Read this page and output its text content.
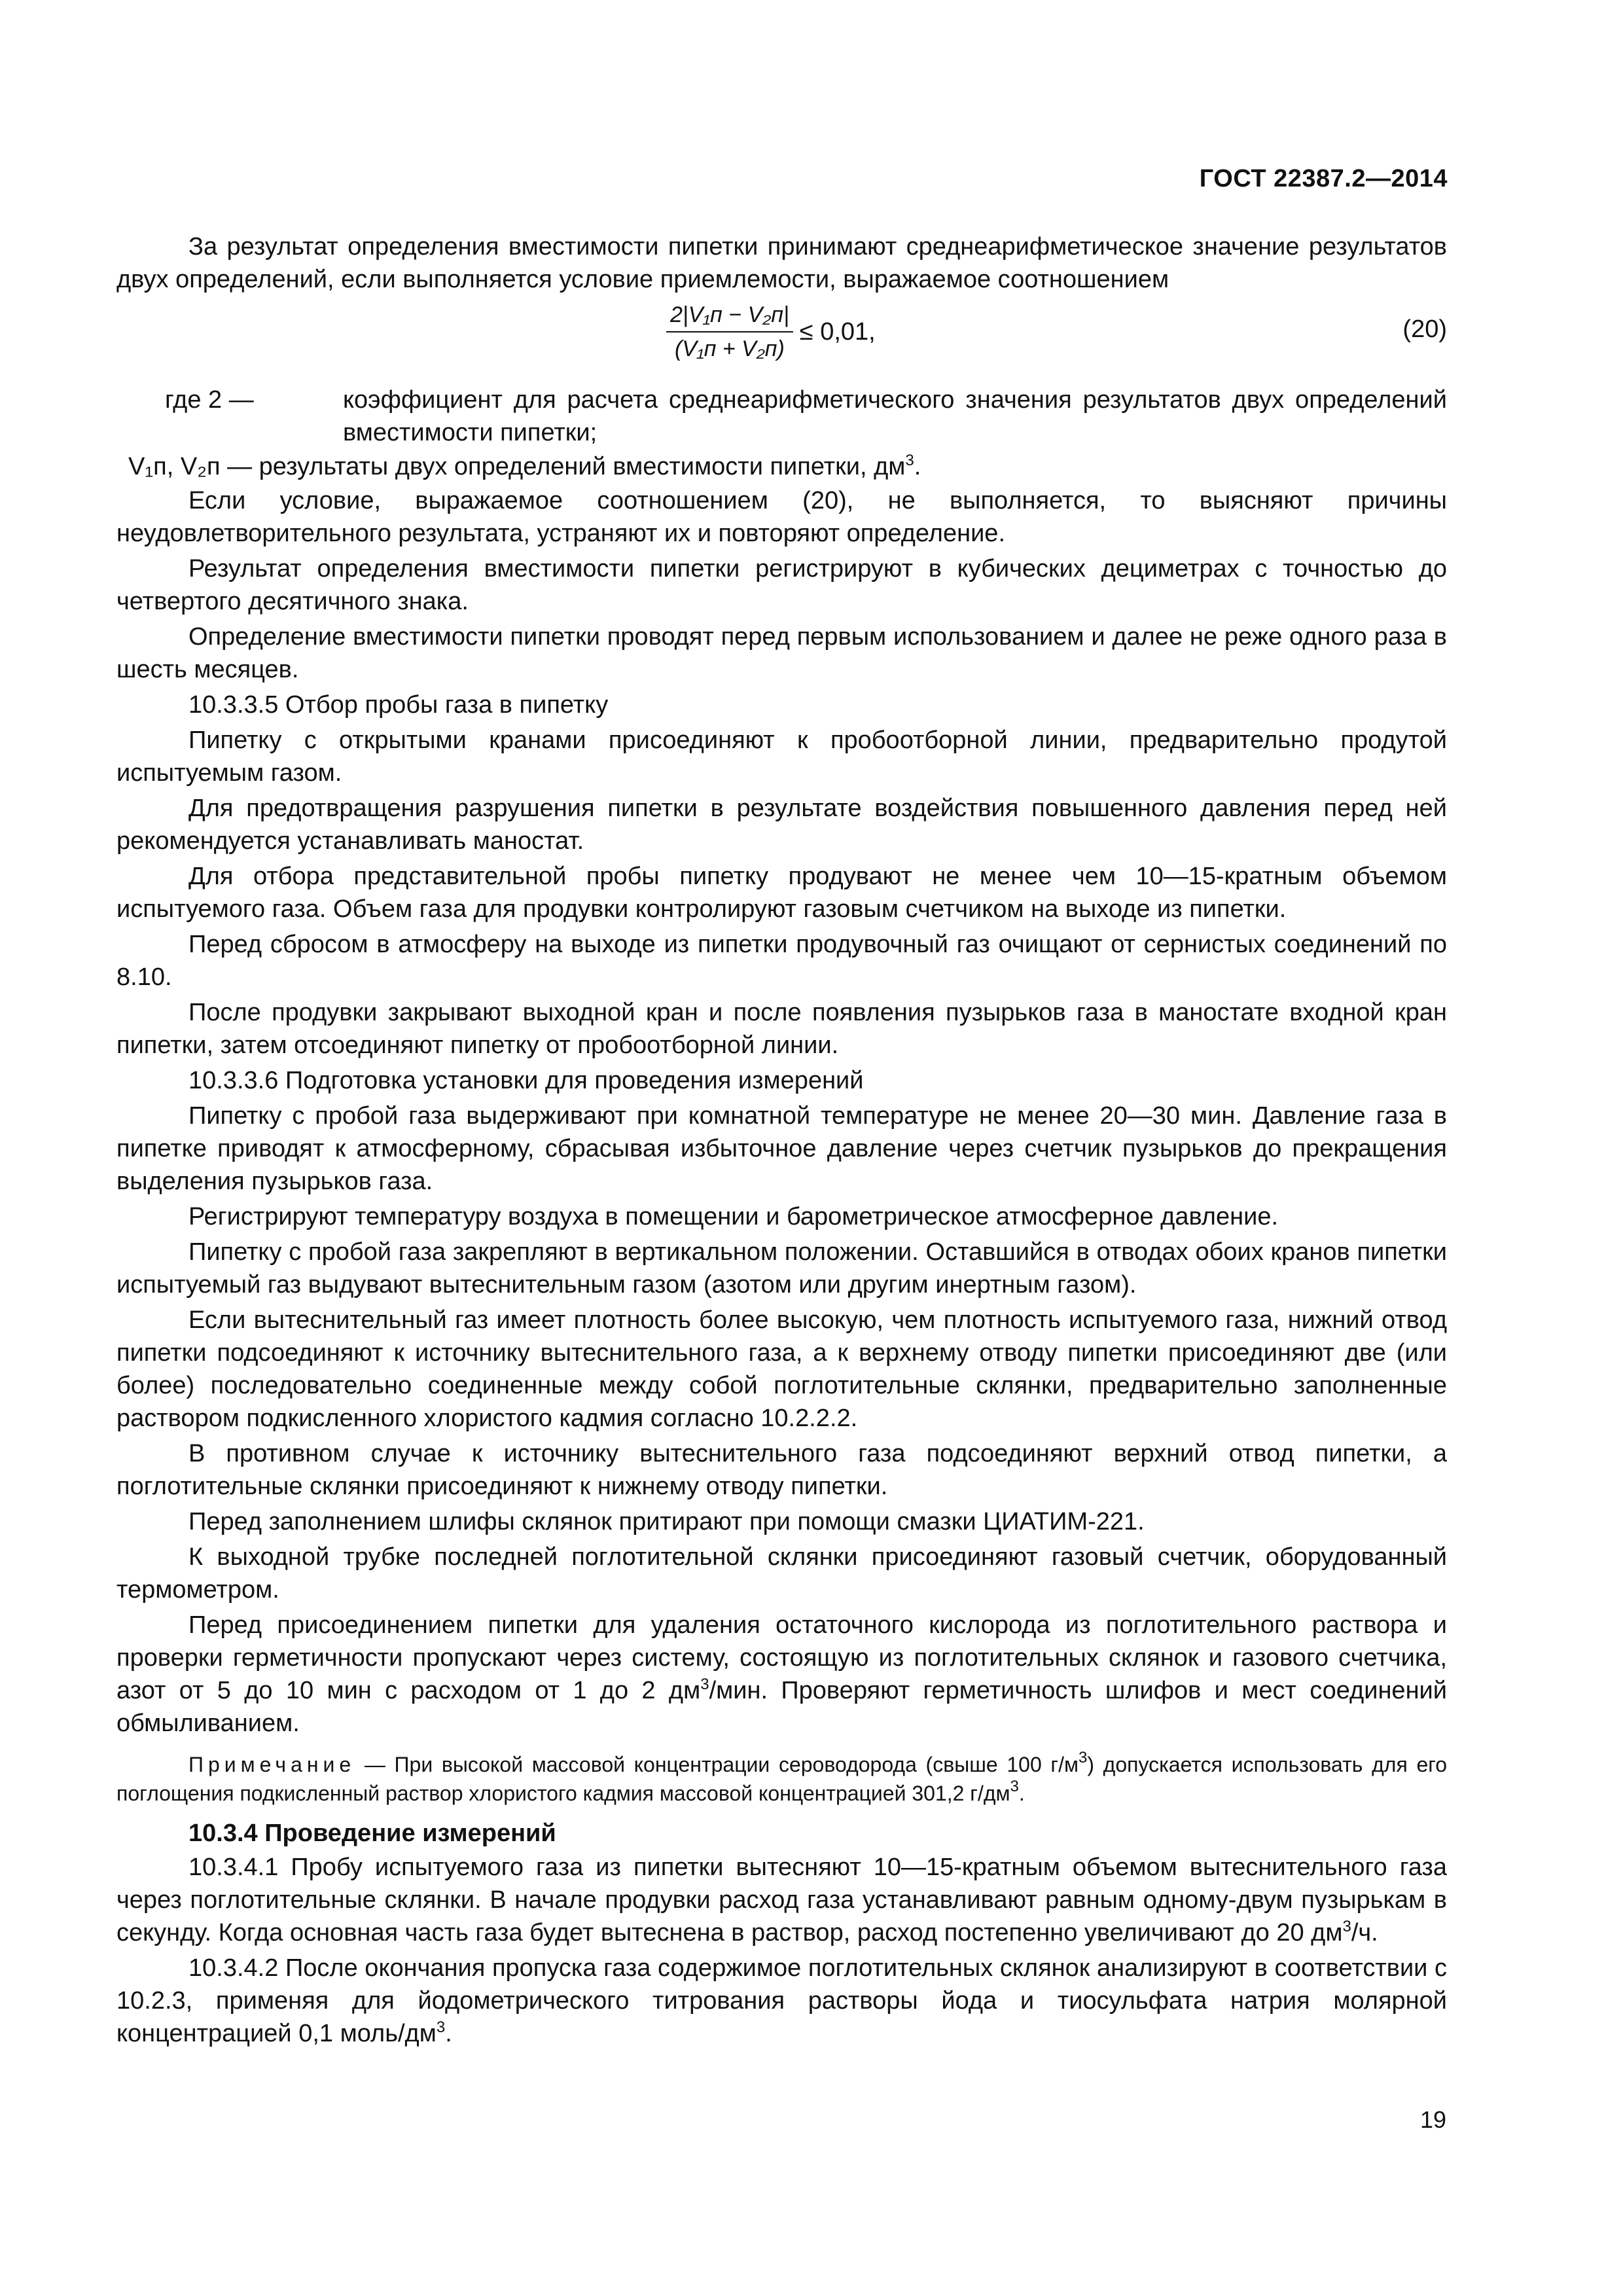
ГОСТ 22387.2—2014
За результат определения вместимости пипетки принимают среднеарифметическое значение результатов двух определений, если выполняется условие приемлемости, выражаемое соотношением
$\frac{\text{2|V₁п − V₂п|}}{\text{(V₁п + V₂п)}} \le 0,01$,	(20)
где 2 —	коэффициент для расчета среднеарифметического значения результатов двух определений вместимости пипетки;
V₁п, V₂п — результаты двух определений вместимости пипетки, $дм^3$.
Если условие, выражаемое соотношением (20), не выполняется, то выясняют причины неудовлетворительного результата, устраняют их и повторяют определение.
Результат определения вместимости пипетки регистрируют в кубических дециметрах с точностью до четвертого десятичного знака.
Определение вместимости пипетки проводят перед первым использованием и далее не реже одного раза в шесть месяцев.
10.3.3.5 Отбор пробы газа в пипетку
Пипетку с открытыми кранами присоединяют к пробоотборной линии, предварительно продутой испытуемым газом.
Для предотвращения разрушения пипетки в результате воздействия повышенного давления перед ней рекомендуется устанавливать маностат.
Для отбора представительной пробы пипетку продувают не менее чем 10—15-кратным объемом испытуемого газа. Объем газа для продувки контролируют газовым счетчиком на выходе из пипетки.
Перед сбросом в атмосферу на выходе из пипетки продувочный газ очищают от сернистых соединений по 8.10.
После продувки закрывают выходной кран и после появления пузырьков газа в маностате входной кран пипетки, затем отсоединяют пипетку от пробоотборной линии.
10.3.3.6 Подготовка установки для проведения измерений
Пипетку с пробой газа выдерживают при комнатной температуре не менее 20—30 мин. Давление газа в пипетке приводят к атмосферному, сбрасывая избыточное давление через счетчик пузырьков до прекращения выделения пузырьков газа.
Регистрируют температуру воздуха в помещении и барометрическое атмосферное давление.
Пипетку с пробой газа закрепляют в вертикальном положении. Оставшийся в отводах обоих кранов пипетки испытуемый газ выдувают вытеснительным газом (азотом или другим инертным газом).
Если вытеснительный газ имеет плотность более высокую, чем плотность испытуемого газа, нижний отвод пипетки подсоединяют к источнику вытеснительного газа, а к верхнему отводу пипетки присоединяют две (или более) последовательно соединенные между собой поглотительные склянки, предварительно заполненные раствором подкисленного хлористого кадмия согласно 10.2.2.2.
В противном случае к источнику вытеснительного газа подсоединяют верхний отвод пипетки, а поглотительные склянки присоединяют к нижнему отводу пипетки.
Перед заполнением шлифы склянок притирают при помощи смазки ЦИАТИМ-221.
К выходной трубке последней поглотительной склянки присоединяют газовый счетчик, оборудованный термометром.
Перед присоединением пипетки для удаления остаточного кислорода из поглотительного раствора и проверки герметичности пропускают через систему, состоящую из поглотительных склянок и газового счетчика, азот от 5 до 10 мин с расходом от 1 до 2 $дм^3$/мин. Проверяют герметичность шлифов и мест соединений обмыливанием.
Примечание — При высокой массовой концентрации сероводорода (свыше 100 $г/м^3$) допускается использовать для его поглощения подкисленный раствор хлористого кадмия массовой концентрацией 301,2 $г/дм^3$.
10.3.4 Проведение измерений
10.3.4.1 Пробу испытуемого газа из пипетки вытесняют 10—15-кратным объемом вытеснительного газа через поглотительные склянки. В начале продувки расход газа устанавливают равным одному-двум пузырькам в секунду. Когда основная часть газа будет вытеснена в раствор, расход постепенно увеличивают до 20 $дм^3/ч$.
10.3.4.2 После окончания пропуска газа содержимое поглотительных склянок анализируют в соответствии с 10.2.3, применяя для йодометрического титрования растворы йода и тиосульфата натрия молярной концентрацией 0,1 моль/$дм^3$.
19
